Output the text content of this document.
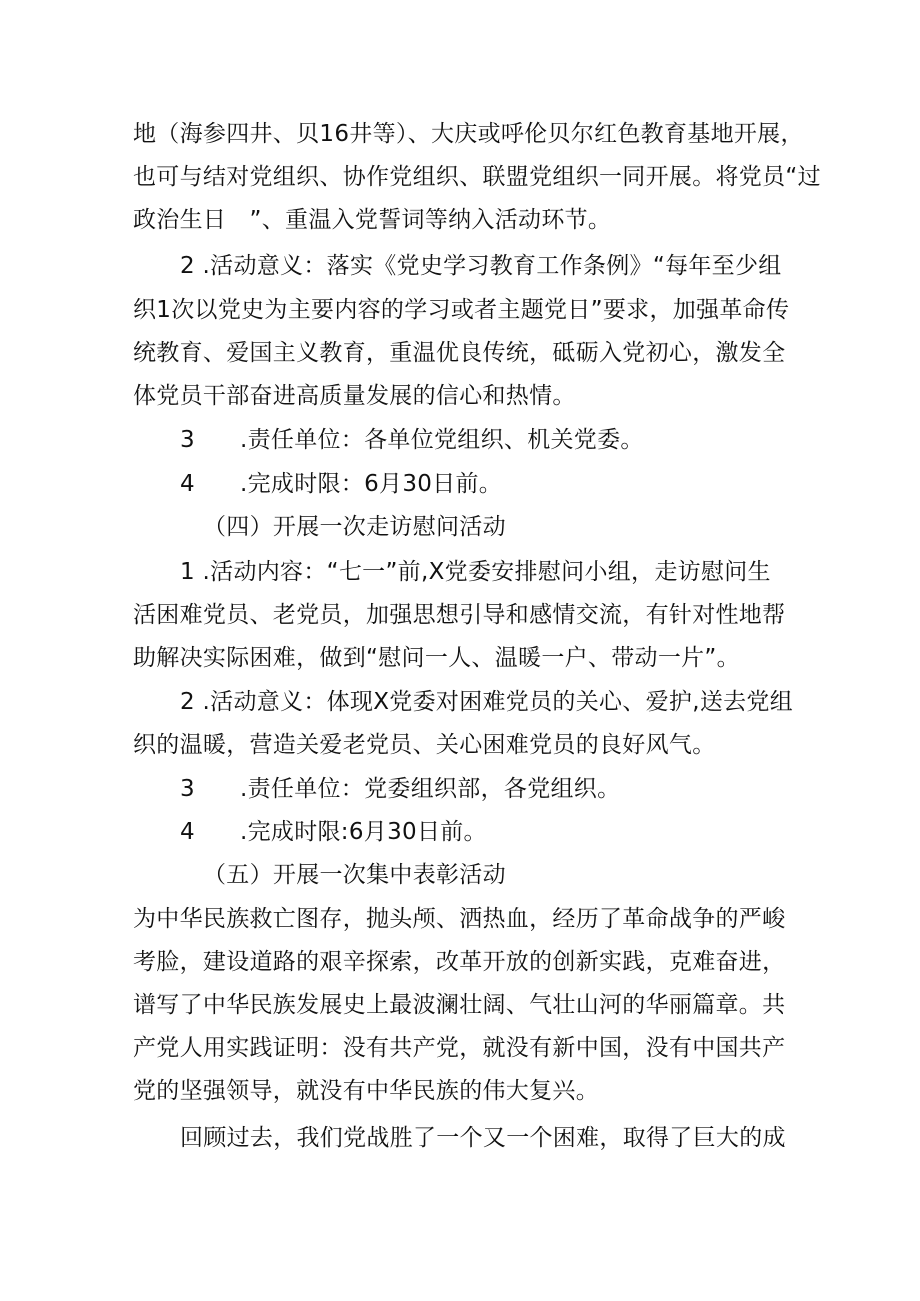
地（海参四井、贝16井等）、大庆或呼伦贝尔红色教育基地开展，

也可与结对党组织、协作党组织、联盟党组织一同开展。将党员“过

政治生日　”、重温入党誓词等纳入活动环节。

2 .活动意义：落实《党史学习教育工作条例》“每年至少组

织1次以党史为主要内容的学习或者主题党日”要求，加强革命传

统教育、爱国主义教育，重温优良传统，砥砺入党初心，激发全

体党员干部奋进高质量发展的信心和热情。

3 .责任单位：各单位党组织、机关党委。

4 .完成时限：6月30日前。

（四）开展一次走访慰问活动

1 .活动内容：“七一”前,X党委安排慰问小组，走访慰问生

活困难党员、老党员，加强思想引导和感情交流，有针对性地帮

助解决实际困难，做到“慰问一人、温暖一户、带动一片”。

2 .活动意义：体现X党委对困难党员的关心、爱护,送去党组

织的温暖，营造关爱老党员、关心困难党员的良好风气。

3 .责任单位：党委组织部，各党组织。

4 .完成时限:6月30日前。

（五）开展一次集中表彰活动

为中华民族救亡图存，抛头颅、洒热血，经历了革命战争的严峻

考脸，建设道路的艰辛探索，改革开放的创新实践，克难奋进，

谱写了中华民族发展史上最波澜壮阔、气壮山河的华丽篇章。共

产党人用实践证明：没有共产党，就没有新中国，没有中国共产

党的坚强领导，就没有中华民族的伟大复兴。

回顾过去，我们党战胜了一个又一个困难，取得了巨大的成
